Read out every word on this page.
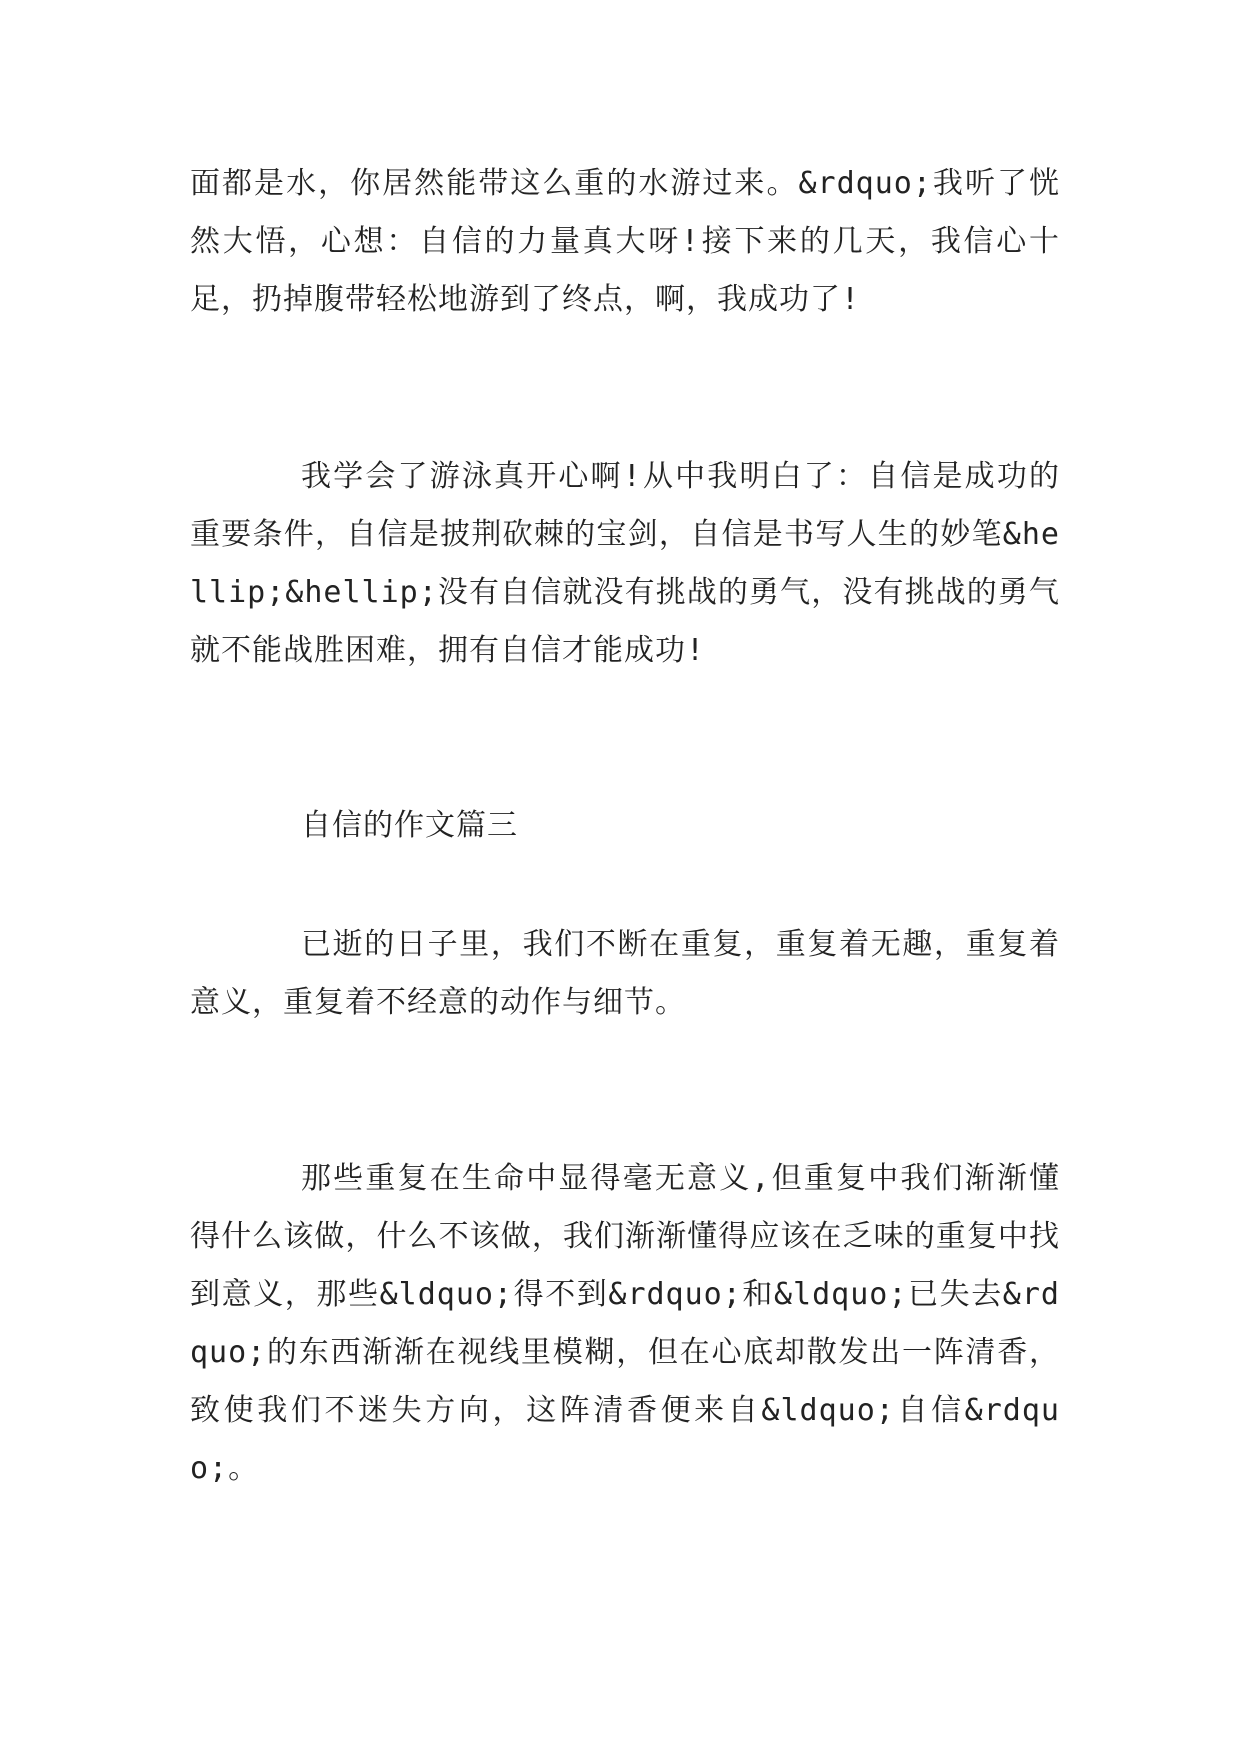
面都是水，你居然能带这么重的水游过来。&rdquo;我听了恍然大悟，心想：自信的力量真大呀!接下来的几天，我信心十足，扔掉腹带轻松地游到了终点，啊，我成功了!

我学会了游泳真开心啊!从中我明白了：自信是成功的重要条件，自信是披荆砍棘的宝剑，自信是书写人生的妙笔&hellip;&hellip;没有自信就没有挑战的勇气，没有挑战的勇气就不能战胜困难，拥有自信才能成功!

自信的作文篇三

已逝的日子里，我们不断在重复，重复着无趣，重复着意义，重复着不经意的动作与细节。

那些重复在生命中显得毫无意义,但重复中我们渐渐懂得什么该做，什么不该做，我们渐渐懂得应该在乏味的重复中找到意义，那些&ldquo;得不到&rdquo;和&ldquo;已失去&rdquo;的东西渐渐在视线里模糊，但在心底却散发出一阵清香，致使我们不迷失方向，这阵清香便来自&ldquo;自信&rdquo;。
